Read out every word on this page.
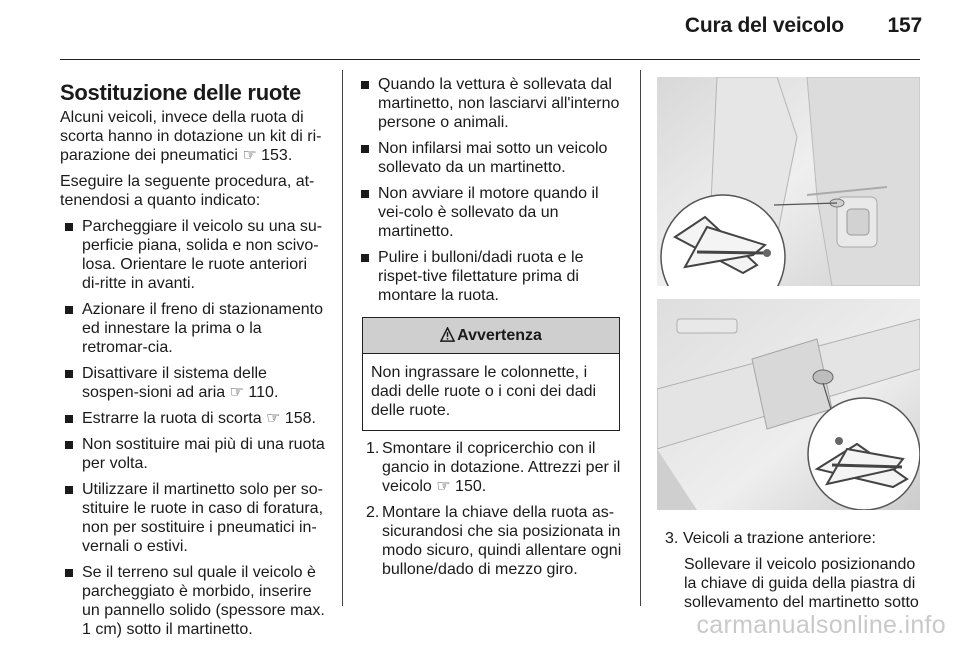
Cura del veicolo 157
Sostituzione delle ruote

Alcuni veicoli, invece della ruota di scorta hanno in dotazione un kit di ri-parazione dei pneumatici ☞ 153.

Eseguire la seguente procedura, at-tenendosi a quanto indicato:

Parcheggiare il veicolo su una su-perficie piana, solida e non scivo-losa. Orientare le ruote anteriori di-ritte in avanti.
Azionare il freno di stazionamento ed innestare la prima o la retromar-cia.
Disattivare il sistema delle sospen-sioni ad aria ☞ 110.
Estrarre la ruota di scorta ☞ 158.
Non sostituire mai più di una ruota per volta.
Utilizzare il martinetto solo per so-stituire le ruote in caso di foratura, non per sostituire i pneumatici in-vernali o estivi.
Se il terreno sul quale il veicolo è parcheggiato è morbido, inserire un pannello solido (spessore max. 1 cm) sotto il martinetto.
Quando la vettura è sollevata dal martinetto, non lasciarvi all'interno persone o animali.
Non infilarsi mai sotto un veicolo sollevato da un martinetto.
Non avviare il motore quando il vei-colo è sollevato da un martinetto.
Pulire i bulloni/dadi ruota e le rispet-tive filettature prima di montare la ruota.
Avvertenza
Non ingrassare le colonnette, i dadi delle ruote o i coni dei dadi delle ruote.
1. Smontare il copricerchio con il gancio in dotazione. Attrezzi per il veicolo ☞ 150.
2. Montare la chiave della ruota as-sicurandosi che sia posizionata in modo sicuro, quindi allentare ogni bullone/dado di mezzo giro.
3. Veicoli a trazione anteriore:
Sollevare il veicolo posizionando la chiave di guida della piastra di sollevamento del martinetto sotto
carmanualsonline.info
